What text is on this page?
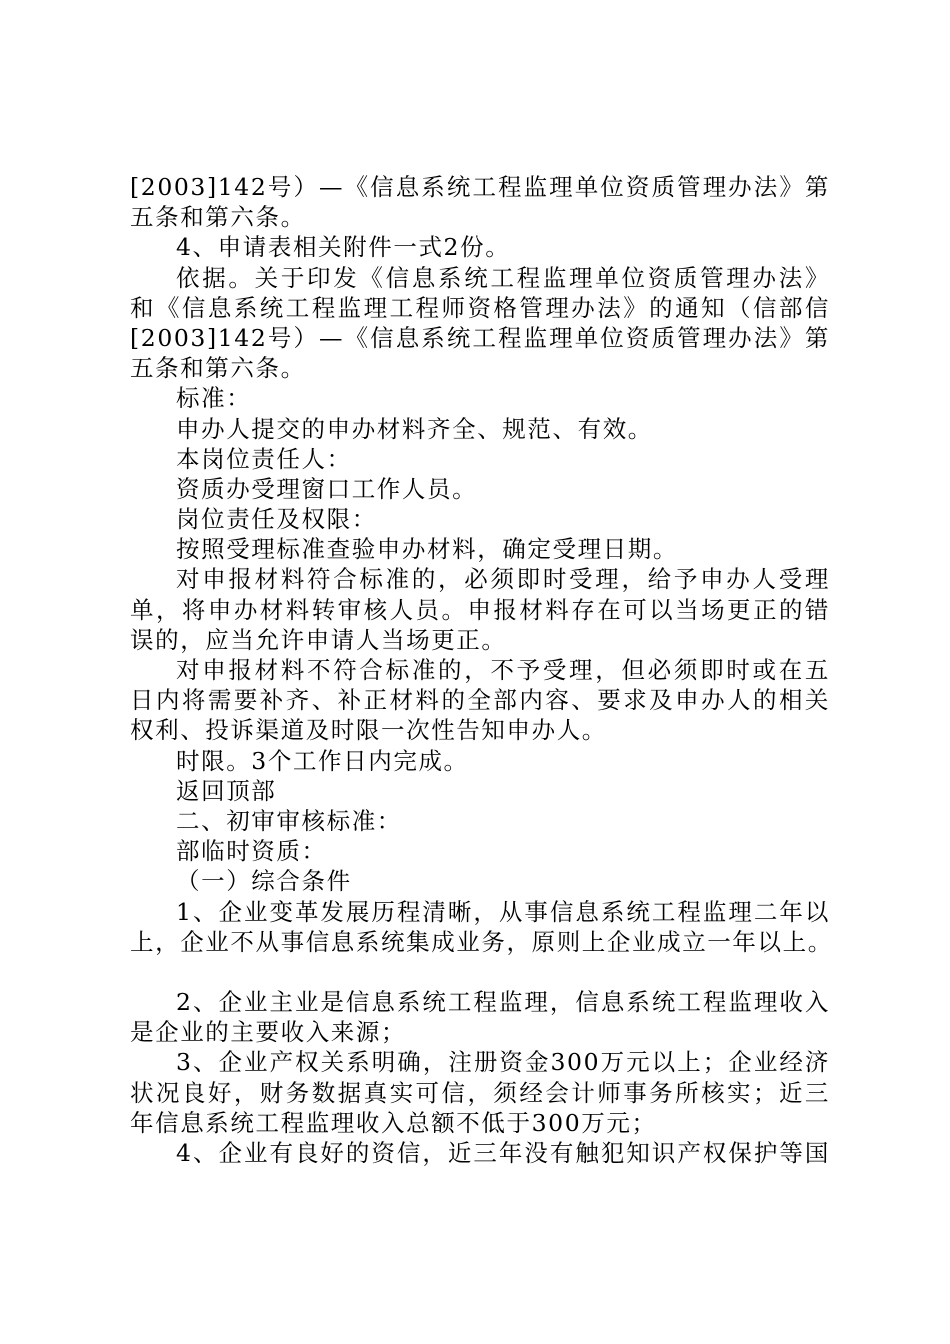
[2003]142号）—《信息系统工程监理单位资质管理办法》第
五条和第六条。
4、申请表相关附件一式2份。
依据。关于印发《信息系统工程监理单位资质管理办法》
和《信息系统工程监理工程师资格管理办法》的通知（信部信
[2003]142号）—《信息系统工程监理单位资质管理办法》第
五条和第六条。
标准：
申办人提交的申办材料齐全、规范、有效。
本岗位责任人：
资质办受理窗口工作人员。
岗位责任及权限：
按照受理标准查验申办材料，确定受理日期。
对申报材料符合标准的，必须即时受理，给予申办人受理
单，将申办材料转审核人员。申报材料存在可以当场更正的错
误的，应当允许申请人当场更正。
对申报材料不符合标准的，不予受理，但必须即时或在五
日内将需要补齐、补正材料的全部内容、要求及申办人的相关
权利、投诉渠道及时限一次性告知申办人。
时限。3个工作日内完成。
返回顶部
二、初审审核标准：
部临时资质：
（一）综合条件
1、企业变革发展历程清晰，从事信息系统工程监理二年以
上，企业不从事信息系统集成业务，原则上企业成立一年以上。
2、企业主业是信息系统工程监理，信息系统工程监理收入
是企业的主要收入来源；
3、企业产权关系明确，注册资金300万元以上；企业经济
状况良好，财务数据真实可信，须经会计师事务所核实；近三
年信息系统工程监理收入总额不低于300万元；
4、企业有良好的资信，近三年没有触犯知识产权保护等国
